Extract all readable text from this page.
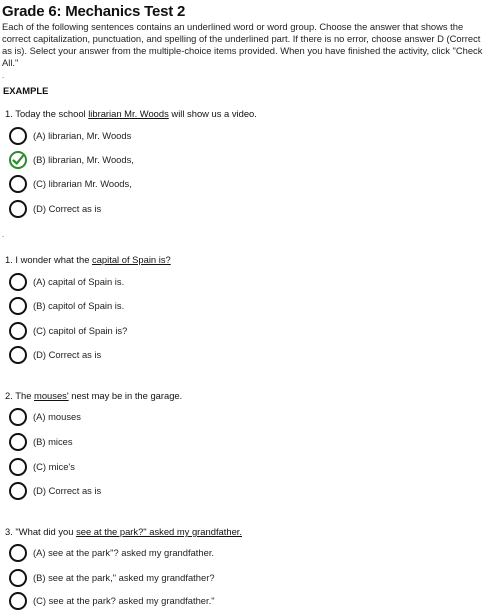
Grade 6: Mechanics Test 2

Each of the following sentences contains an underlined word or word group. Choose the answer that shows the correct capitalization, punctuation, and spelling of the underlined part. If there is no error, choose answer D (Correct as is). Select your answer from the multiple-choice items provided. When you have finished the activity, click "Check All."

.
EXAMPLE
1. Today the school librarian Mr. Woods will show us a video.
(A) librarian, Mr. Woods
(B) librarian, Mr. Woods,
(C) librarian Mr. Woods,
(D) Correct as is
.
1. I wonder what the capital of Spain is?
(A) capital of Spain is.
(B) capitol of Spain is.
(C) capitol of Spain is?
(D) Correct as is
2. The mouses' nest may be in the garage.
(A) mouses
(B) mices
(C) mice's
(D) Correct as is
3. "What did you see at the park?" asked my grandfather.
(A) see at the park"? asked my grandfather.
(B) see at the park," asked my grandfather?
(C) see at the park? asked my grandfather."
